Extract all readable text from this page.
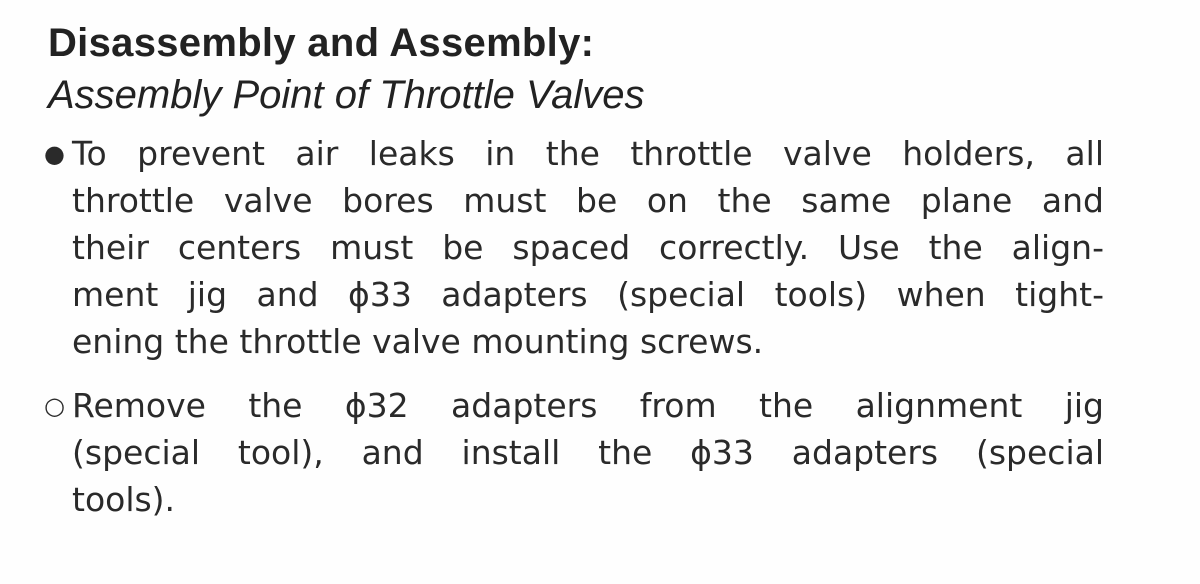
Disassembly and Assembly:
Assembly Point of Throttle Valves
● To prevent air leaks in the throttle valve holders, all
throttle valve bores must be on the same plane and
their centers must be spaced correctly. Use the align-
ment jig and ϕ33 adapters (special tools) when tight-
ening the throttle valve mounting screws.
○ Remove the ϕ32 adapters from the alignment jig
(special tool), and install the ϕ33 adapters (special
tools).
